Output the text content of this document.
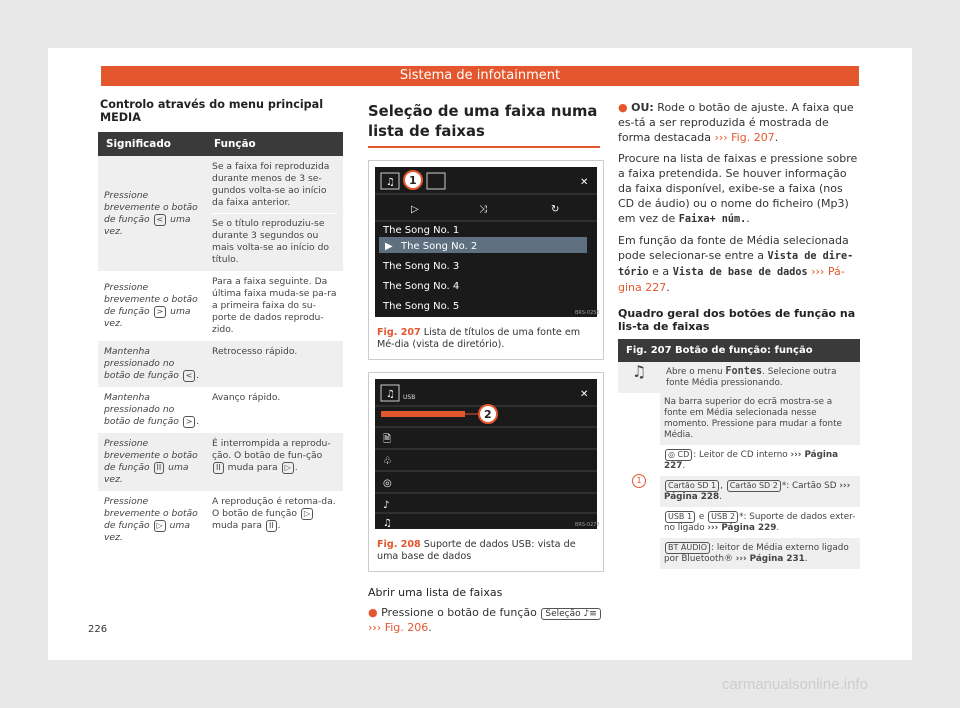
Sistema de infotainment
Controlo através do menu principal MEDIA
Significado	Função
Pressione brevemente o botão de função < uma vez.	Se a faixa foi reproduzida durante menos de 3 se-gundos volta-se ao início da faixa anterior.
Se o título reproduziu-se durante 3 segundos ou mais volta-se ao início do título.

Pressione brevemente o botão de função > uma vez.	Para a faixa seguinte. Da última faixa muda-se pa-ra a primeira faixa do su-porte de dados reprodu-zido.
Mantenha pressionado no botão de função < .	Retrocesso rápido.
Mantenha pressionado no botão de função > .	Avanço rápido.
Pressione brevemente o botão de função II uma vez.	É interrompida a reprodu-ção. O botão de fun-ção II muda para ▷ .
Pressione brevemente o botão de função ▷ uma vez.	A reprodução é retoma-da. O botão de função ▷ muda para II .
Seleção de uma faixa numa lista de faixas
♫ 1	✕
▷	⤨	↻
The Song No. 1
▶ The Song No. 2
The Song No. 3
The Song No. 4
The Song No. 5
BRS-0258
Fig. 207 Lista de títulos de uma fonte em Mé-dia (vista de diretório).
♫ USB	✕
2
🗎
♧
◎
♪
♫	BRS-0273
Fig. 208 Suporte de dados USB: vista de uma base de dados
Abrir uma lista de faixas
● Pressione o botão de função Seleção ♪≡
››› Fig. 206.

● OU: Rode o botão de ajuste. A faixa que es-tá a ser reproduzida é mostrada de forma destacada ››› Fig. 207.

Procure na lista de faixas e pressione sobre a faixa pretendida. Se houver informação da faixa disponível, exibe-se a faixa (nos CD de áudio) ou o nome do ficheiro (Mp3) em vez de Faixa+ núm..

Em função da fonte de Média selecionada pode selecionar-se entre a Vista de dire-tório e a Vista de base de dados ››› Pá-gina 227.

Quadro geral dos botões de função na lis-ta de faixas
Fig. 207 Botão de função: função	
♫	Abre o menu Fontes. Selecione outra fonte Média pressionando.
1	Na barra superior do ecrã mostra-se a fonte em Média selecionada nesse momento. Pressione para mudar a fonte Média.
◎ CD : Leitor de CD interno ››› Página 227.
Cartão SD 1 , Cartão SD 2 *: Cartão SD ››› Página 228.
USB 1 e USB 2 *: Suporte de dados exter-no ligado ››› Página 229.
BT ÁUDIO : leitor de Média externo ligado por Bluetooth® ››› Página 231.
226
carmanualsonline.info
